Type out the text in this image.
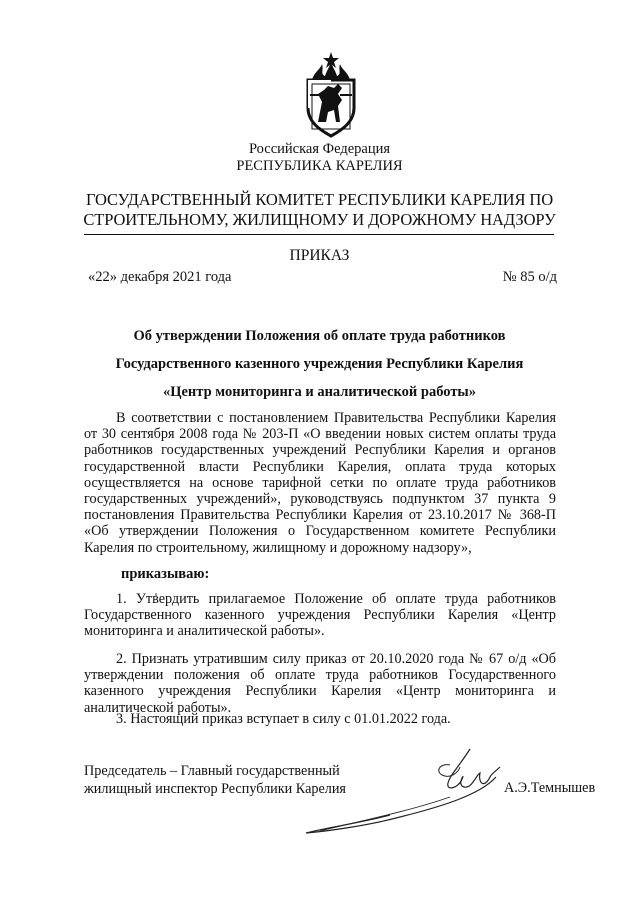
Российская Федерация
РЕСПУБЛИКА КАРЕЛИЯ
ГОСУДАРСТВЕННЫЙ КОМИТЕТ РЕСПУБЛИКИ КАРЕЛИЯ ПО
СТРОИТЕЛЬНОМУ, ЖИЛИЩНОМУ И ДОРОЖНОМУ НАДЗОРУ
ПРИКАЗ
«22» декабря 2021 года	№ 85 о/д
Об утверждении Положения об оплате труда работников
Государственного казенного учреждения Республики Карелия
«Центр мониторинга и аналитической работы»
В соответствии с постановлением Правительства Республики Карелия от 30 сентября 2008 года № 203-П «О введении новых систем оплаты труда работников государственных учреждений Республики Карелия и органов государственной власти Республики Карелия, оплата труда которых осуществляется на основе тарифной сетки по оплате труда работников государственных учреждений», руководствуясь подпунктом 37 пункта 9 постановления Правительства Республики Карелия от 23.10.2017 № 368-П «Об утверждении Положения о Государственном комитете Республики Карелия по строительному, жилищному и дорожному надзору»,
приказываю:
1. Утвердить прилагаемое Положение об оплате труда работников Государственного казенного учреждения Республики Карелия «Центр мониторинга и аналитической работы».
2. Признать утратившим силу приказ от 20.10.2020 года № 67 о/д «Об утверждении положения об оплате труда работников Государственного казенного учреждения Республики Карелия «Центр мониторинга и аналитической работы».
3. Настоящий приказ вступает в силу с 01.01.2022 года.
Председатель – Главный государственный
жилищный инспектор Республики Карелия	А.Э.Темнышев
